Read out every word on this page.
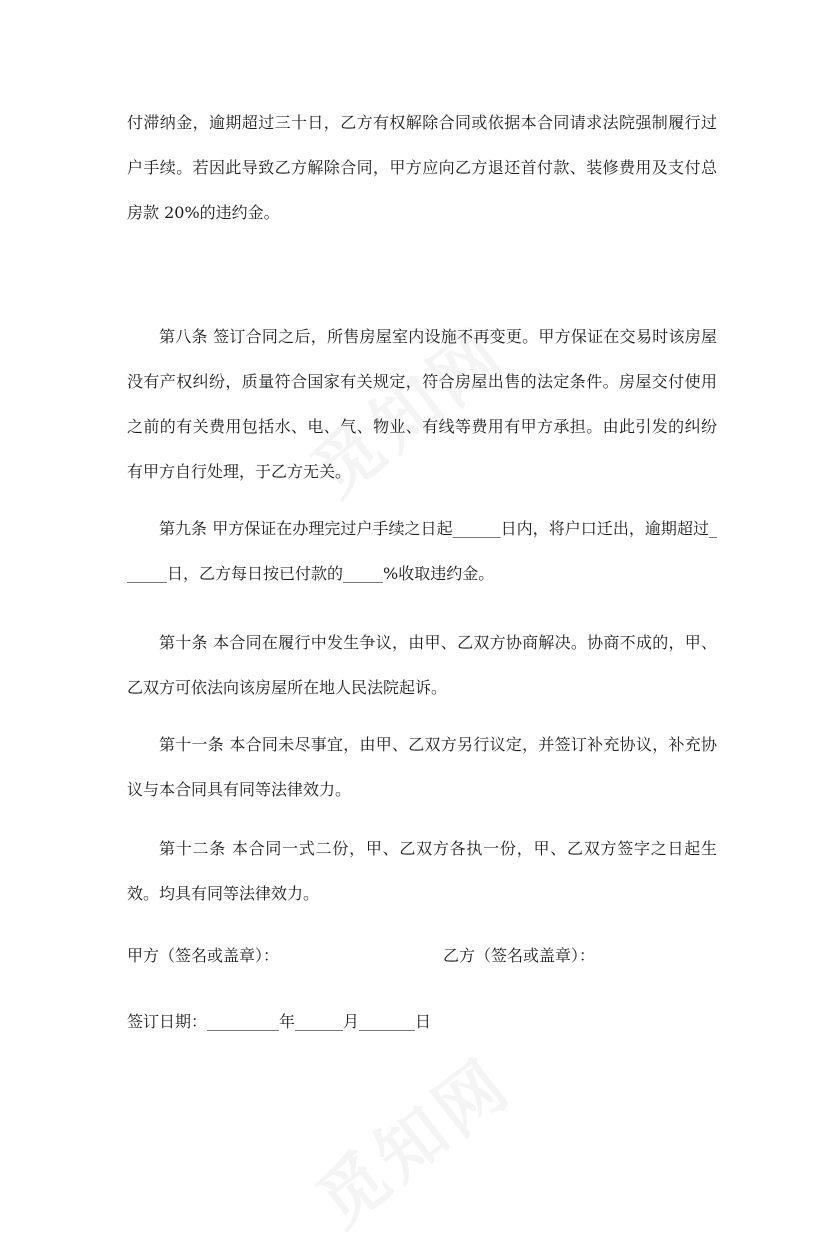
付滞纳金，逾期超过三十日，乙方有权解除合同或依据本合同请求法院强制履行过户手续。若因此导致乙方解除合同，甲方应向乙方退还首付款、装修费用及支付总房款 20%的违约金。

第八条 签订合同之后，所售房屋室内设施不再变更。甲方保证在交易时该房屋没有产权纠纷，质量符合国家有关规定，符合房屋出售的法定条件。房屋交付使用之前的有关费用包括水、电、气、物业、有线等费用有甲方承担。由此引发的纠纷有甲方自行处理，于乙方无关。

第九条 甲方保证在办理完过户手续之日起______日内，将户口迁出，逾期超过______日，乙方每日按已付款的_____%收取违约金。

第十条 本合同在履行中发生争议，由甲、乙双方协商解决。协商不成的，甲、乙双方可依法向该房屋所在地人民法院起诉。

第十一条 本合同未尽事宜，由甲、乙双方另行议定，并签订补充协议，补充协议与本合同具有同等法律效力。

第十二条 本合同一式二份，甲、乙双方各执一份，甲、乙双方签字之日起生效。均具有同等法律效力。

甲方（签名或盖章）：	乙方（签名或盖章）：
签订日期：_________年______月_______日
